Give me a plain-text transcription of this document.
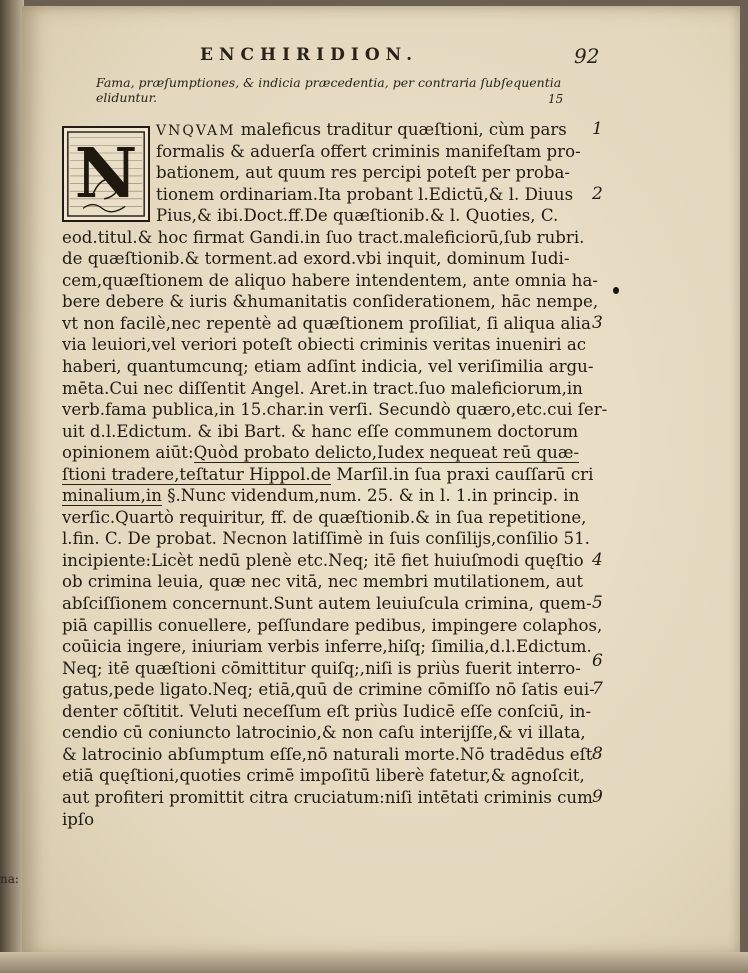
na:
ENCHIRIDION.	92
Fama, præſumptiones, & indicia præcedentia, per contraria ſubſequentia
eliduntur.	15
VNQVAM maleficus traditur quæſtioni, cùm pars
formalis & aduerſa offert criminis manifeſtam pro-
bationem, aut quum res percipi poteſt per proba-
tionem ordinariam.Ita probant l.Edictū,& l. Diuus
Pius,& ibi.Doct.ff.De quæſtionib.& l. Quoties, C.
eod.titul.& hoc firmat Gandi.in ſuo tract.maleficiorū,ſub rubri.
de quæſtionib.& torment.ad exord.vbi inquit, dominum Iudi-
cem,quæſtionem de aliquo habere intendentem, ante omnia ha-
bere debere & iuris &humanitatis conſiderationem, hāc nempe,
vt non facilè,nec repentè ad quæſtionem proſiliat, ſi aliqua alia
via leuiori,vel veriori poteſt obiecti criminis veritas inueniri ac
haberi, quantumcunq; etiam adſint indicia, vel veriſimilia argu-
mēta.Cui nec diſſentit Angel. Aret.in tract.ſuo maleficiorum,in
verb.fama publica,in 15.char.in verſi. Secundò quæro,etc.cui ſer-
uit d.l.Edictum. & ibi Bart. & hanc eſſe communem doctorum
opinionem aiūt:Quòd probato delicto,Iudex nequeat reū quæ-
ſtioni tradere,teſtatur Hippol.de Marſil.in ſua praxi cauſſarū cri
minalium,in §.Nunc videndum,num. 25. & in l. 1.in princip. in
verſic.Quartò requiritur, ff. de quæſtionib.& in ſua repetitione,
l.fin. C. De probat. Necnon latiſſimè in ſuis conſilijs,conſilio 51.
incipiente:Licèt nedū plenè etc.Neq; itē fiet huiuſmodi quęſtio
ob crimina leuia, quæ nec vitā, nec membri mutilationem, aut
abſciſſionem concernunt.Sunt autem leuiuſcula crimina, quem-
piā capillis conuellere, peſſundare pedibus, impingere colaphos,
coūicia ingere, iniuriam verbis inferre,hiſq; ſimilia,d.l.Edictum.
Neq; itē quæſtioni cōmittitur quiſq;,niſi is priùs fuerit interro-
gatus,pede ligato.Neq; etiā,quū de crimine cōmiſſo nō ſatis eui-
denter cōſtitit. Veluti neceſſum eſt priùs Iudicē eſſe conſciū, in-
cendio cū coniuncto latrocinio,& non caſu interijſſe,& vi illata,
& latrocinio abſumptum eſſe,nō naturali morte.Nō tradēdus eſt
etiā quęſtioni,quoties crimē impoſitū liberè fatetur,& agnoſcit,
aut profiteri promittit citra cruciatum:niſi intētati criminis cum
ipſo
N
1
2
3
4
5
6
7
8
9
